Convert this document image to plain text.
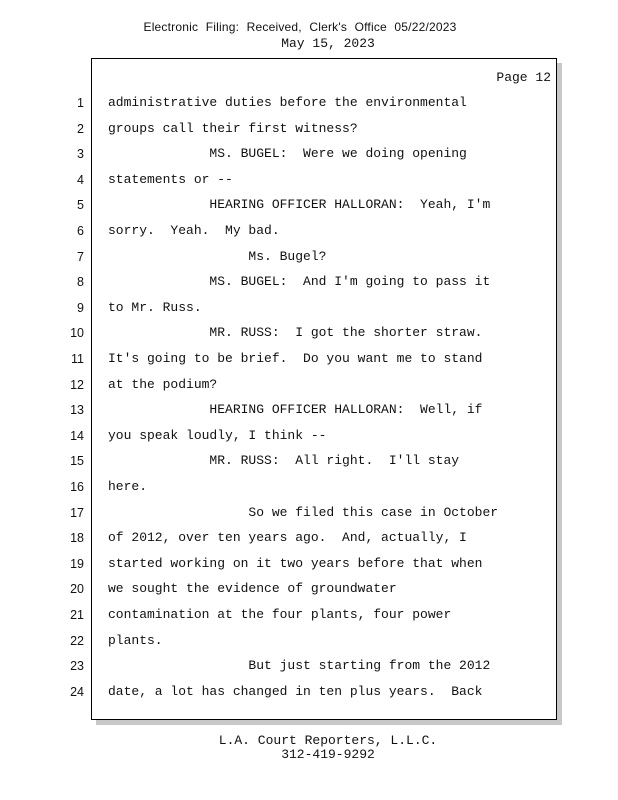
Electronic Filing: Received, Clerk's Office 05/22/2023
May 15, 2023
Page 12
1 administrative duties before the environmental
2 groups call their first witness?
3 MS. BUGEL:  Were we doing opening
4 statements or --
5 HEARING OFFICER HALLORAN:  Yeah, I'm
6 sorry.  Yeah.  My bad.
7 Ms. Bugel?
8 MS. BUGEL:  And I'm going to pass it
9 to Mr. Russ.
10 MR. RUSS:  I got the shorter straw.
11 It's going to be brief.  Do you want me to stand
12 at the podium?
13 HEARING OFFICER HALLORAN:  Well, if
14 you speak loudly, I think --
15 MR. RUSS:  All right.  I'll stay
16 here.
17 So we filed this case in October
18 of 2012, over ten years ago.  And, actually, I
19 started working on it two years before that when
20 we sought the evidence of groundwater
21 contamination at the four plants, four power
22 plants.
23 But just starting from the 2012
24 date, a lot has changed in ten plus years.  Back
L.A. Court Reporters, L.L.C.
312-419-9292
